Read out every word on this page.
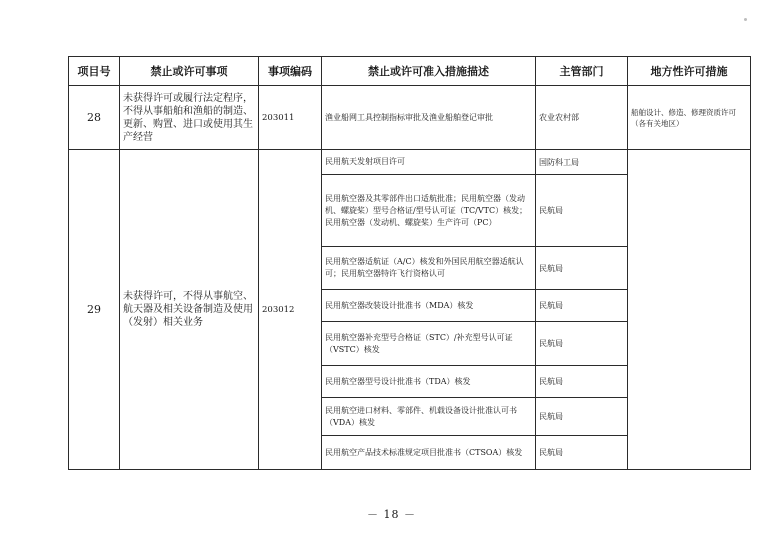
项目号	禁止或许可事项	事项编码	禁止或许可准入措施描述	主管部门	地方性许可措施
28	未获得许可或履行法定程序，不得从事船舶和渔船的制造、更新、购置、进口或使用其生产经营	203011	渔业船网工具控制指标审批及渔业船舶登记审批	农业农村部	船舶设计、修造、修理资质许可（各有关地区）
29	未获得许可，不得从事航空、航天器及相关设备制造及使用（发射）相关业务	203012	民用航天发射项目许可	国防科工局	
			民用航空器及其零部件出口适航批准；民用航空器（发动机、螺旋桨）型号合格证/型号认可证（TC/VTC）核发；民用航空器（发动机、螺旋桨）生产许可（PC）	民航局	
			民用航空器适航证（A/C）核发和外国民用航空器适航认可；民用航空器特许飞行资格认可	民航局	
			民用航空器改装设计批准书（MDA）核发	民航局	
			民用航空器补充型号合格证（STC）/补充型号认可证（VSTC）核发	民航局	
			民用航空器型号设计批准书（TDA）核发	民航局	
			民用航空进口材料、零部件、机载设备设计批准认可书（VDA）核发	民航局	
			民用航空产品技术标准规定项目批准书（CTSOA）核发	民航局	
－ 18 －
